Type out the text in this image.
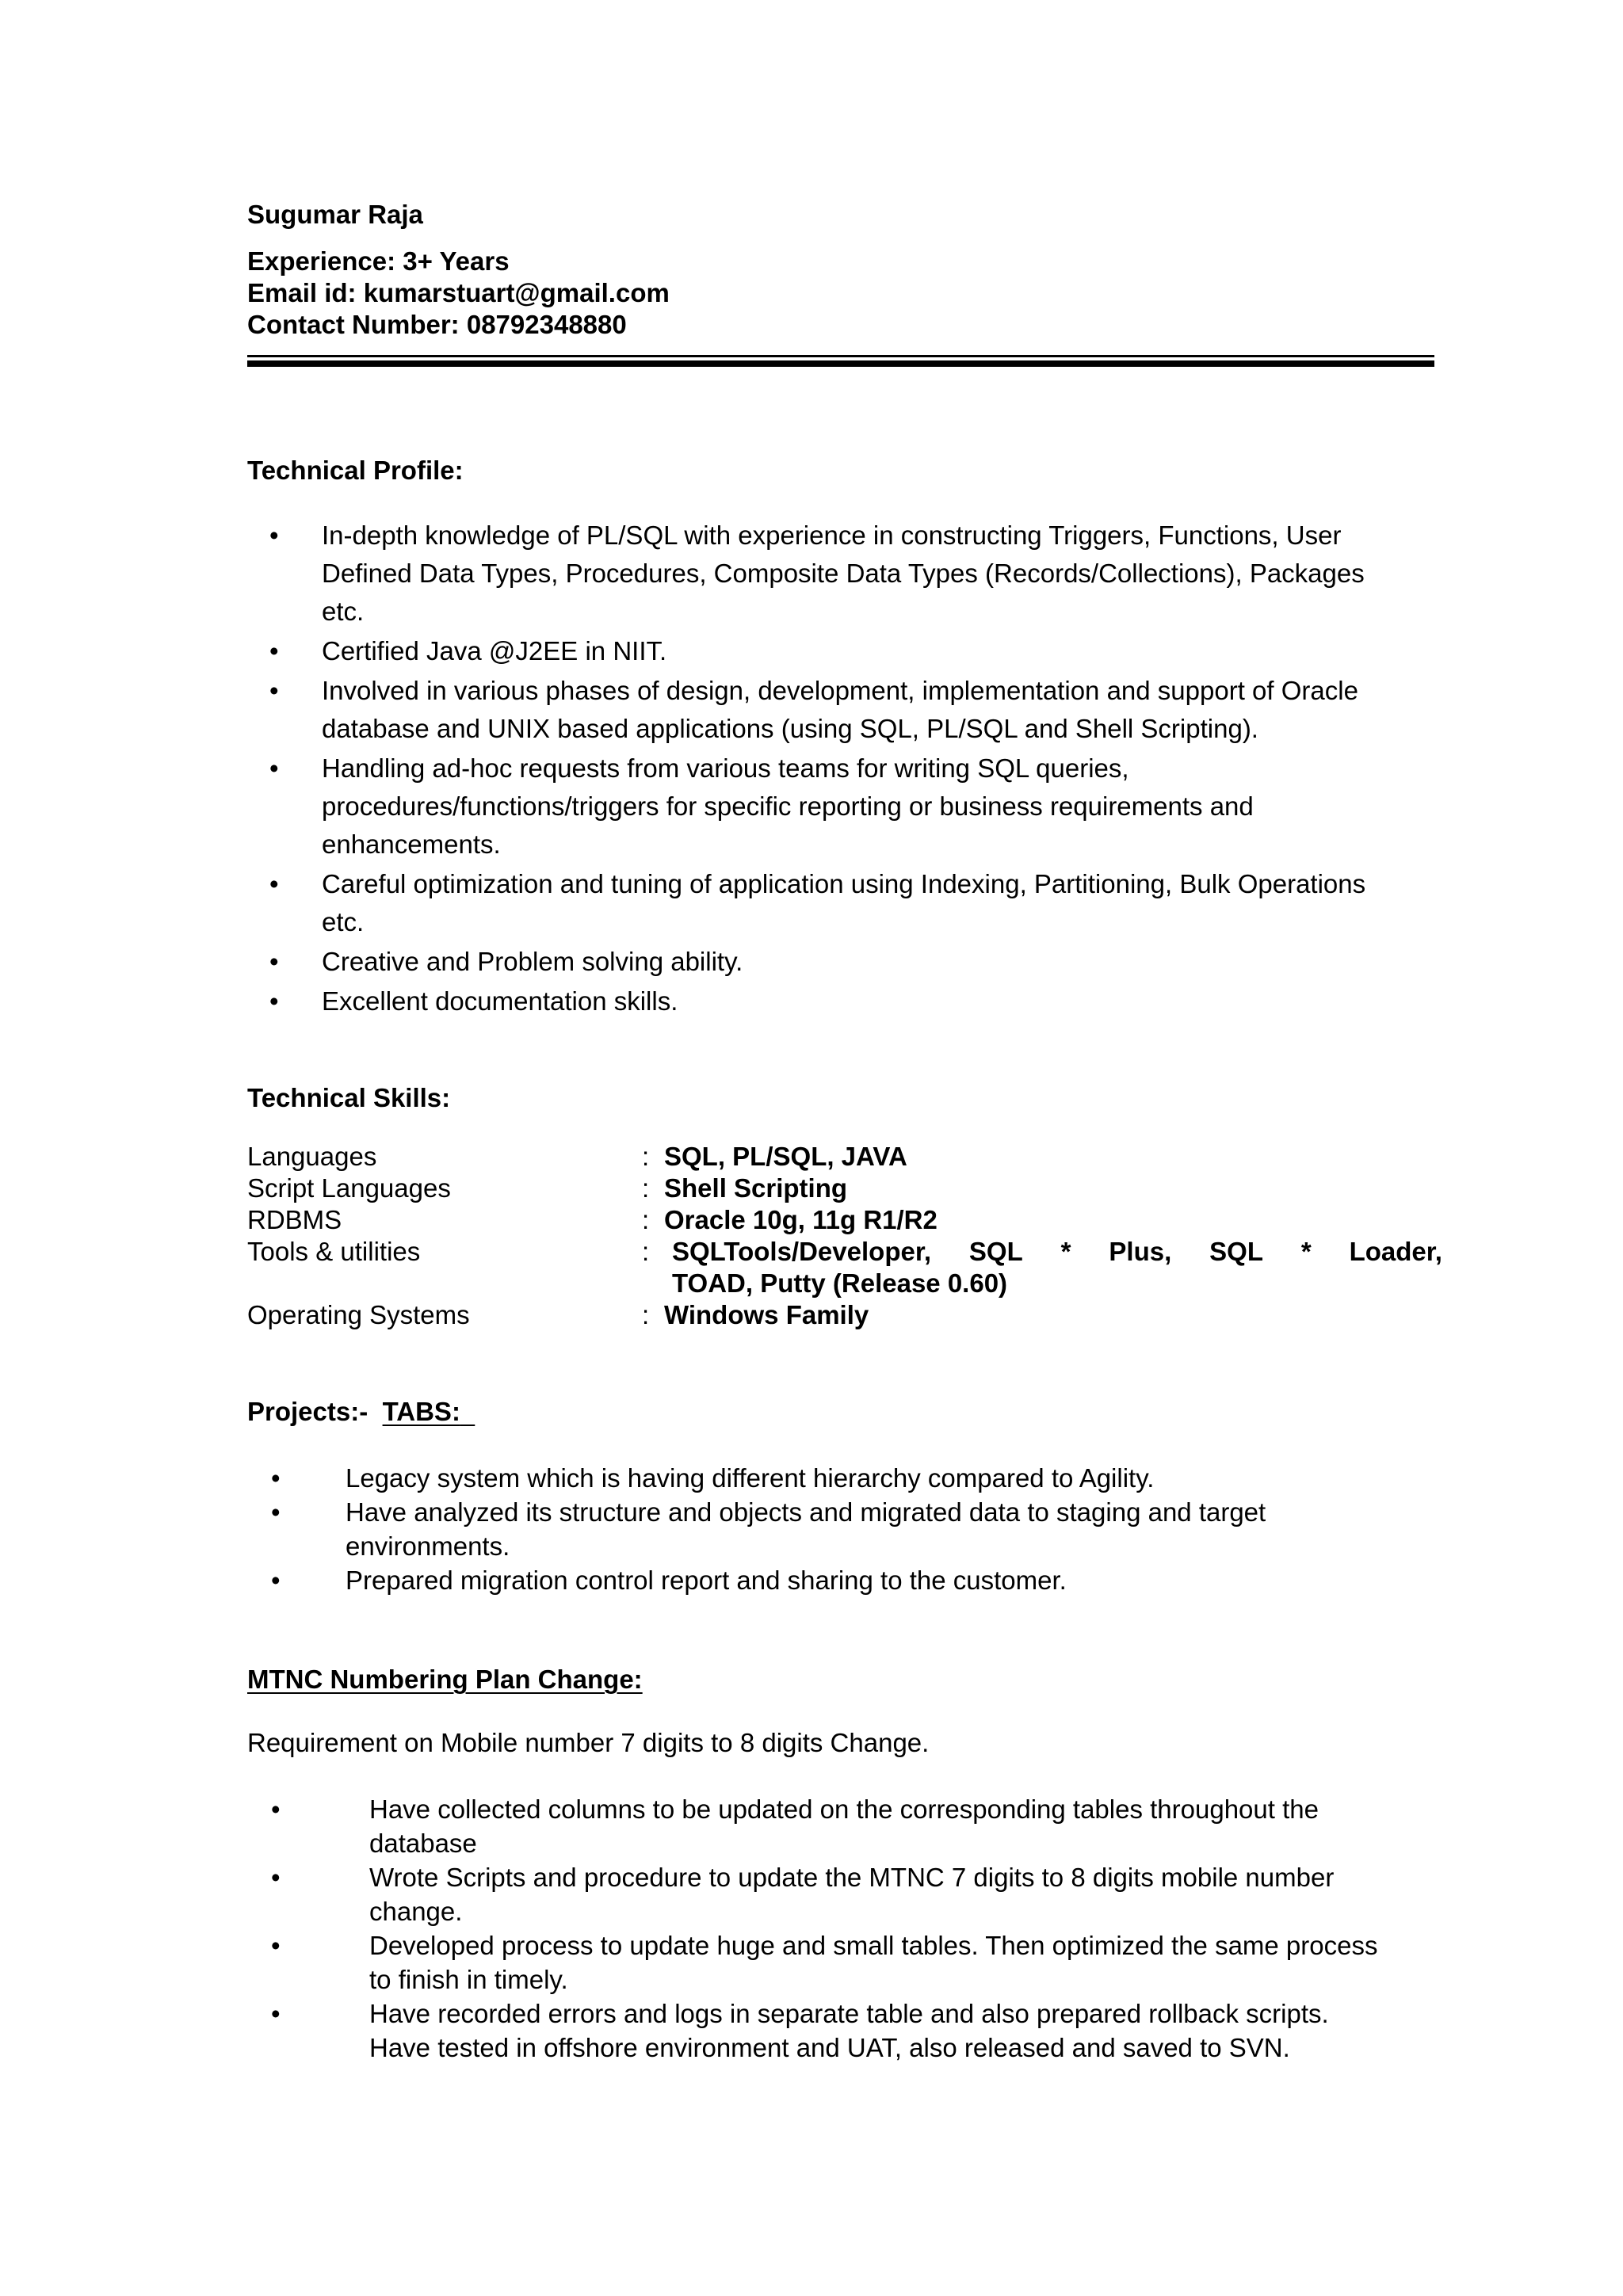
Sugumar Raja
Experience: 3+ Years
Email id: kumarstuart@gmail.com
Contact Number: 08792348880
Technical Profile:
• In-depth knowledge of PL/SQL with experience in constructing Triggers, Functions, User
Defined Data Types, Procedures, Composite Data Types (Records/Collections), Packages
etc.
• Certified Java @J2EE in NIIT.
• Involved in various phases of design, development, implementation and support of Oracle
database and UNIX based applications (using SQL, PL/SQL and Shell Scripting).
• Handling ad-hoc requests from various teams for writing SQL queries,
procedures/functions/triggers for specific reporting or business requirements and
enhancements.
• Careful optimization and tuning of application using Indexing, Partitioning, Bulk Operations
etc.
• Creative and Problem solving ability.
• Excellent documentation skills.
Technical Skills:
Languages	: SQL, PL/SQL, JAVA
Script Languages	: Shell Scripting
RDBMS	: Oracle 10g, 11g R1/R2
Tools & utilities	: SQLTools/Developer, SQL * Plus, SQL * Loader,
TOAD, Putty (Release 0.60)
Operating Systems	: Windows Family
Projects:- TABS:
• Legacy system which is having different hierarchy compared to Agility.
• Have analyzed its structure and objects and migrated data to staging and target
environments.
• Prepared migration control report and sharing to the customer.
MTNC Numbering Plan Change:
Requirement on Mobile number 7 digits to 8 digits Change.
•	Have collected columns to be updated on the corresponding tables throughout the
database
•	Wrote Scripts and procedure to update the MTNC 7 digits to 8 digits mobile number
change.
•	Developed process to update huge and small tables. Then optimized the same process
to finish in timely.
•	Have recorded errors and logs in separate table and also prepared rollback scripts.
Have tested in offshore environment and UAT, also released and saved to SVN.
